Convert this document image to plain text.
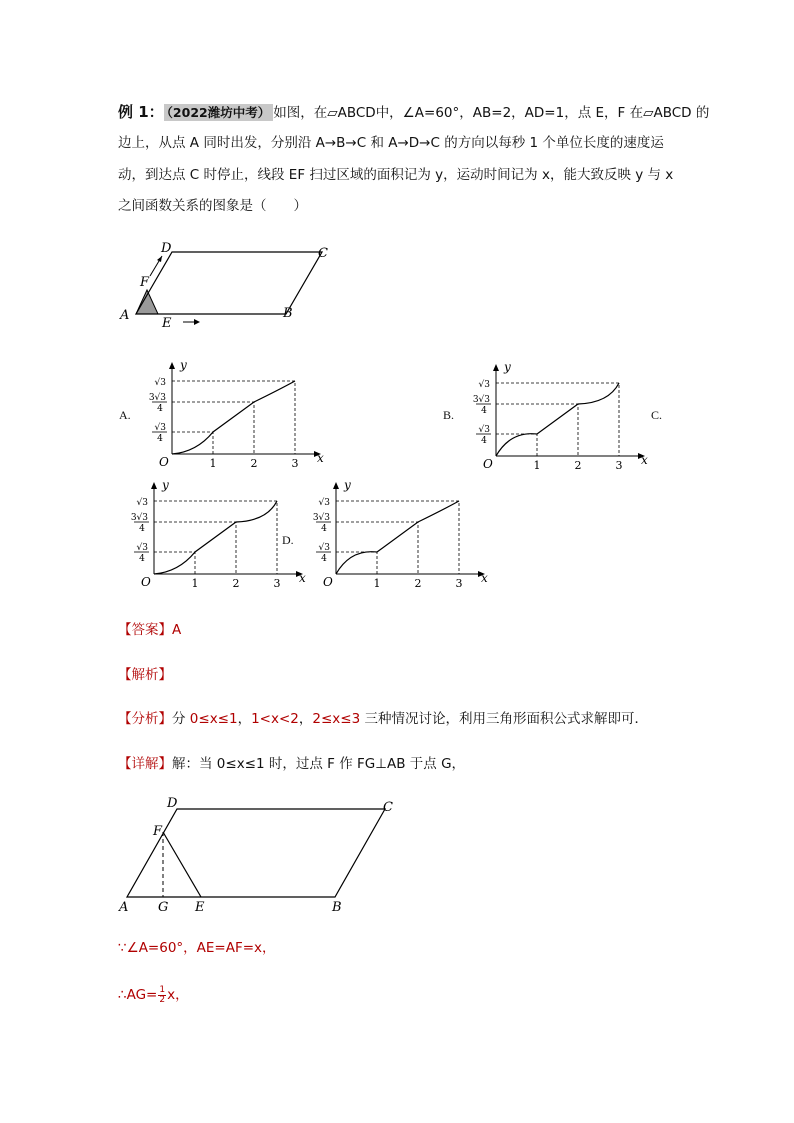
例 1： （2022潍坊中考） 如图，在▱ABCD中，∠A=60°，AB=2，AD=1，点 E，F 在▱ABCD 的
边上，从点 A 同时出发，分别沿 A→B→C 和 A→D→C 的方向以每秒 1 个单位长度的速度运
动，到达点 C 时停止，线段 EF 扫过区域的面积记为 y，运动时间记为 x，能大致反映 y 与 x
之间函数关系的图象是（　　）
A
E
B
C
D
F
A.	B.	C.
D.
O	x
y
1	2	3
√3
4
3√3
4
√3
O	x
y
1	2	3
√3
4
3√3
4
√3
O	x
y
1	2	3
√3
4
3√3
4
√3
O	x
y
1	2	3
√3
4
3√3
4
√3
【答案】A
【解析】
【分析】分 0≤x≤1，1<x<2，2≤x≤3 三种情况讨论，利用三角形面积公式求解即可．
【详解】解：当 0≤x≤1 时，过点 F 作 FG⊥AB 于点 G，
A G E	B
C
D
F
∵∠A=60°，AE=AF=x，
∴AG= $\frac{1}{2}$ x，
